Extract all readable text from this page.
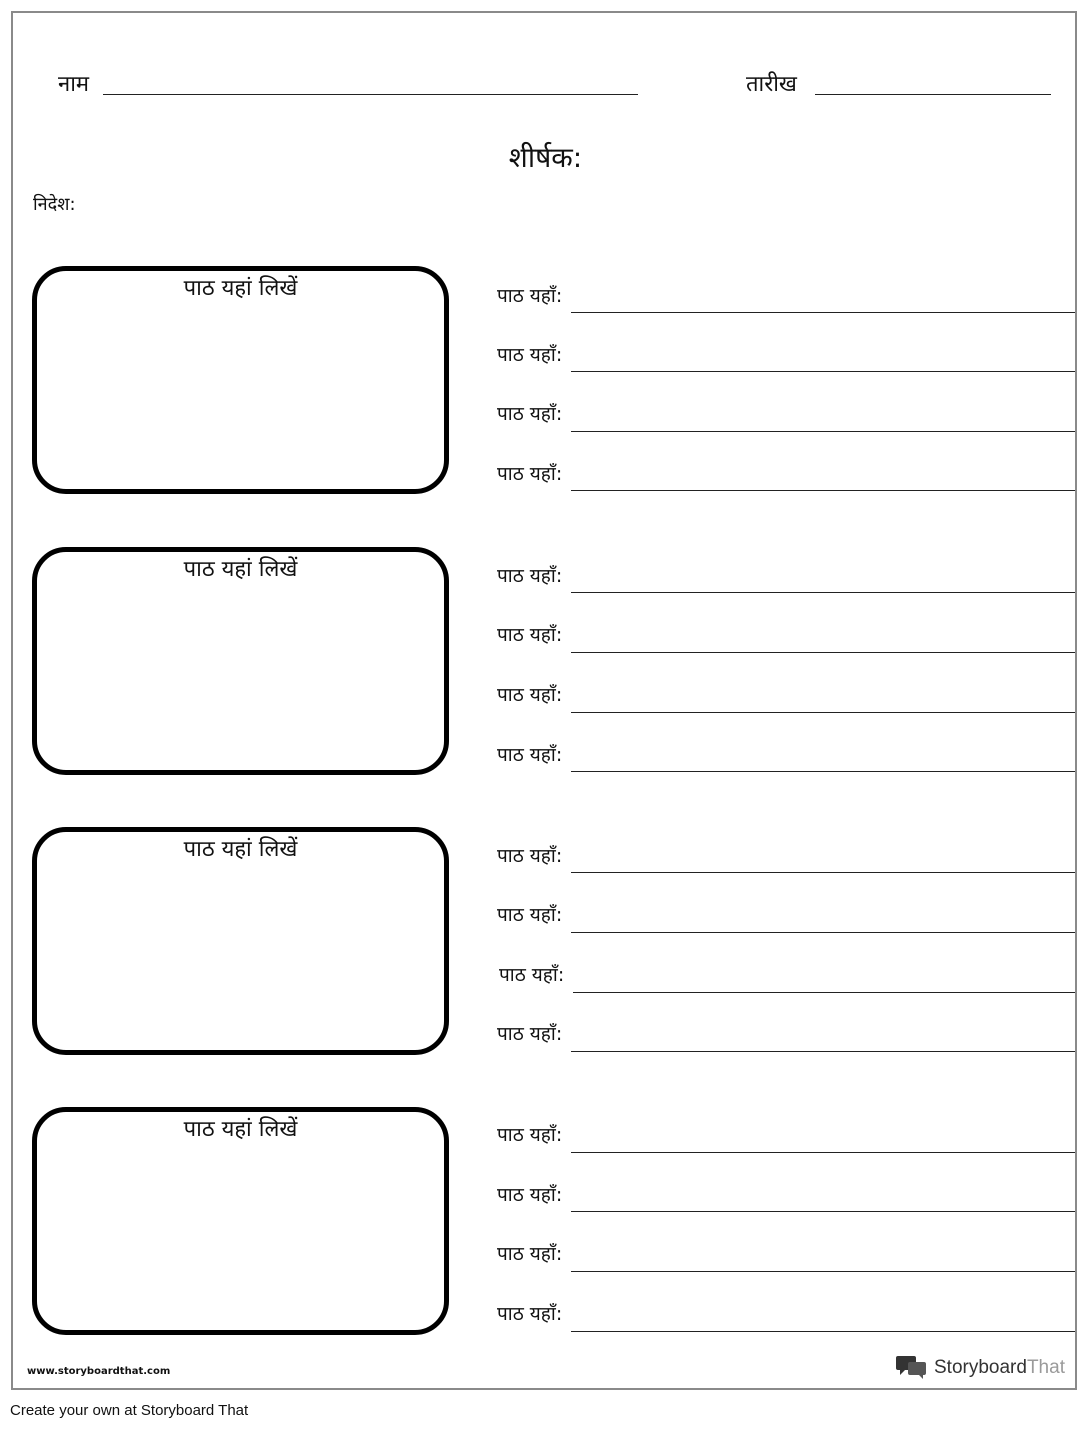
नाम	तारीख
शीर्षक:
निदेश:
पाठ यहां लिखें	पाठ यहाँ:
पाठ यहाँ:
पाठ यहाँ:
पाठ यहाँ:
पाठ यहां लिखें	पाठ यहाँ:
पाठ यहाँ:
पाठ यहाँ:
पाठ यहाँ:
पाठ यहां लिखें	पाठ यहाँ:
पाठ यहाँ:
पाठ यहाँ:
पाठ यहाँ:
पाठ यहां लिखें	पाठ यहाँ:
पाठ यहाँ:
पाठ यहाँ:
पाठ यहाँ:
www.storyboardthat.com	StoryboardThat
Create your own at Storyboard That
